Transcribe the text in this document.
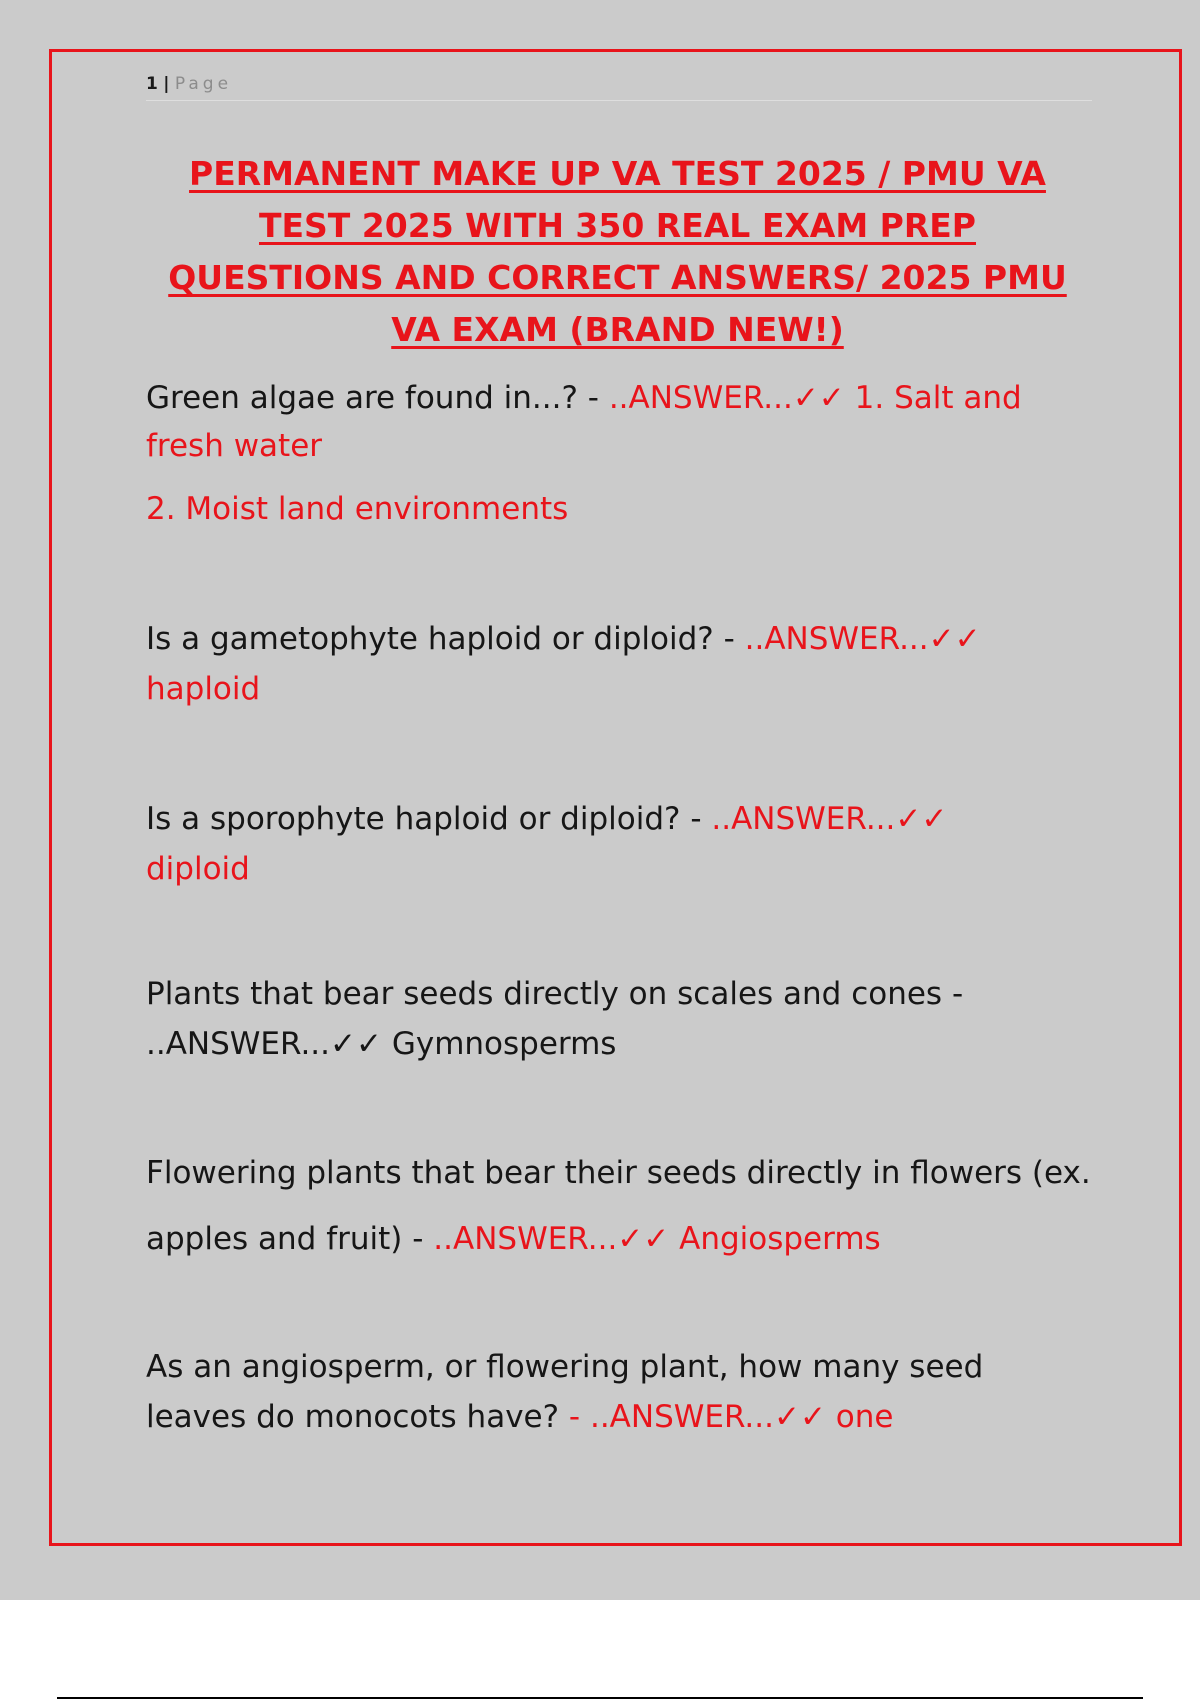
1 | Page
PERMANENT MAKE UP VA TEST 2025 / PMU VA TEST 2025 WITH 350 REAL EXAM PREP QUESTIONS AND CORRECT ANSWERS/ 2025 PMU VA EXAM (BRAND NEW!)
Green algae are found in...? - ..ANSWER...✓✓ 1. Salt and fresh water
2. Moist land environments
Is a gametophyte haploid or diploid? - ..ANSWER...✓✓ haploid
Is a sporophyte haploid or diploid? - ..ANSWER...✓✓ diploid
Plants that bear seeds directly on scales and cones - ..ANSWER...✓✓ Gymnosperms
Flowering plants that bear their seeds directly in flowers (ex. apples and fruit) - ..ANSWER...✓✓ Angiosperms
As an angiosperm, or flowering plant, how many seed leaves do monocots have? - ..ANSWER...✓✓ one
